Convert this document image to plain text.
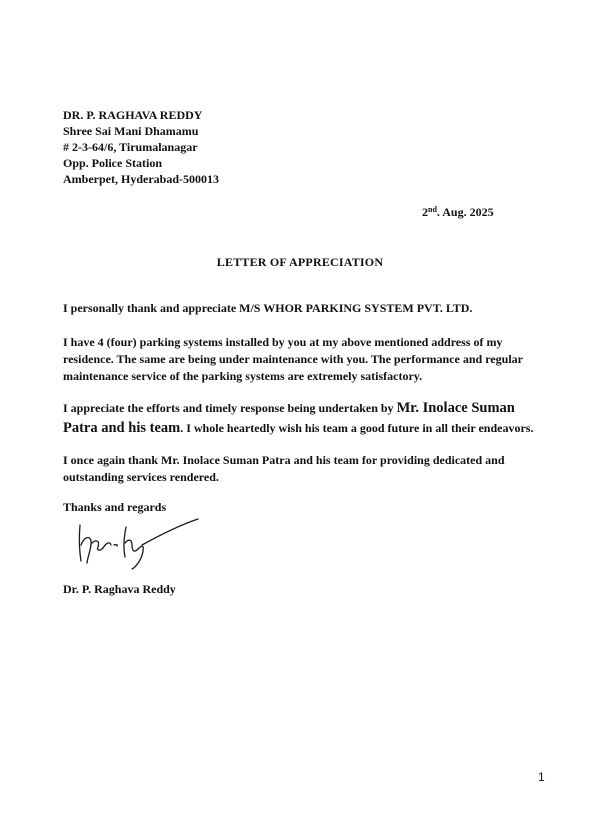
DR. P. RAGHAVA REDDY
Shree Sai Mani Dhamamu
# 2-3-64/6, Tirumalanagar
Opp. Police Station
Amberpet, Hyderabad-500013
2nd. Aug. 2025
LETTER OF APPRECIATION
I personally thank and appreciate M/S WHOR PARKING SYSTEM PVT. LTD.
I have 4 (four) parking systems installed by you at my above mentioned address of my
residence. The same are being under maintenance with you. The performance and regular
maintenance service of the parking systems are extremely satisfactory.
I appreciate the efforts and timely response being undertaken by Mr. Inolace Suman
Patra and his team. I whole heartedly wish his team a good future in all their endeavors.
I once again thank Mr. Inolace Suman Patra and his team for providing dedicated and
outstanding services rendered.
Thanks and regards
Dr. P. Raghava Reddy
1
